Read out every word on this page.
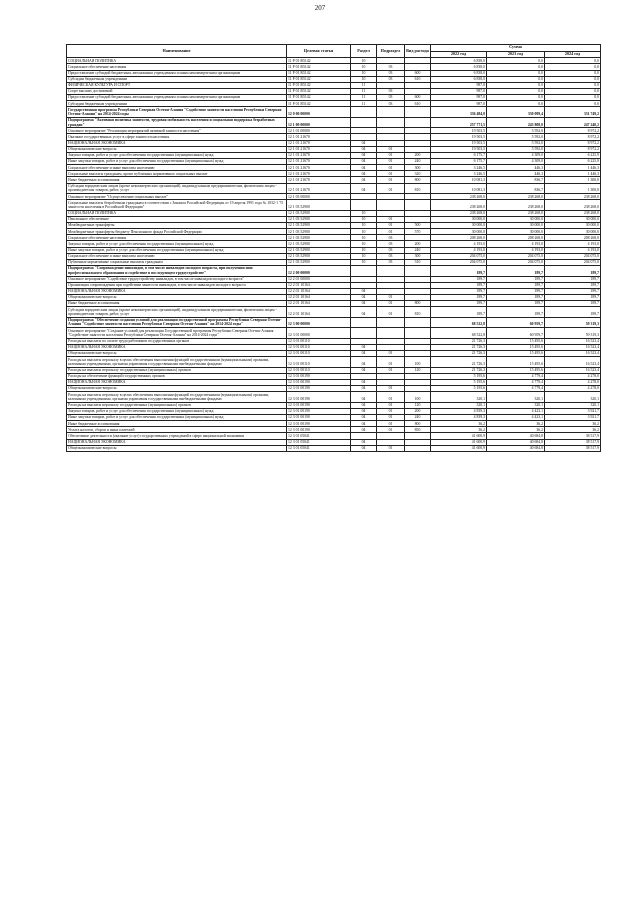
207
Наименование	Целевая статья	Раздел	Подраздел	Вид расхода	Сумма		
					2022 год	2023 год	2024 год
СОЦИАЛЬНАЯ ПОЛИТИКА	11 Р 01 R5142	10			6 838,0	0,0	0,0
Социальное обеспечение населения	11 Р 01 R5142	10	03		6 838,0	0,0	0,0
Предоставление субсидий бюджетным, автономным учреждениям и иным некоммерческим организациям	11 Р 01 R5142	10	03	600	6 838,0	0,0	0,0
Субсидии бюджетным учреждениям	11 Р 01 R5142	10	03	610	6 838,0	0,0	0,0
ФИЗИЧЕСКАЯ КУЛЬТУРА И СПОРТ	11 Р 01 R5142	11			987,0	0,0	0,0
Спорт высших достижений	11 Р 01 R5142	11	03		987,0	0,0	0,0
Предоставление субсидий бюджетным, автономным учреждениям и иным некоммерческим организациям	11 Р 01 R5142	11	03	600	987,0	0,0	0,0
Субсидии бюджетным учреждениям	11 Р 01 R5142	11	03	610	987,0	0,0	0,0
Государственная программа Республики Северная Осетия-Алания "Содействие занятости населения Республики Северная Осетия-Алания" на 2014-2024 годы	12 0 00 00000				336 484,0	330 099,4	331 749,2
Подпрограмма "Активная политика занятости, трудовая мобильность населения и социальная поддержка безработных граждан"	12 1 00 00000				257 771,5	243 808,0	247 240,2
Основное мероприятие "Реализация мероприятий активной занятости населения"	12 1 01 00000				19 503,5	5 592,0	8 972,2
Оказание государственных услуг в сфере занятости населения	12 1 01 21670				19 503,5	5 592,0	8 972,2
НАЦИОНАЛЬНАЯ ЭКОНОМИКА	12 1 01 21670	04			19 503,5	5 592,0	8 972,2
Общеэкономические вопросы	12 1 01 21670	04	01		19 503,5	5 592,0	8 972,2
Закупка товаров, работ и услуг для обеспечения государственных (муниципальных) нужд	12 1 01 21670	04	01	200	6 175,7	4 309,0	6 225,9
Иные закупки товаров, работ и услуг для обеспечения государственных (муниципальных) нужд	12 1 01 21670	04	01	240	6 175,7	4 309,0	6 225,9
Социальное обеспечение и иные выплаты населению	12 1 01 21670	04	01	300	3 246,5	446,3	1 446,3
Социальные выплаты гражданам, кроме публичных нормативных социальных выплат	12 1 01 21670	04	01	320	3 246,5	446,3	1 446,3
Иные бюджетные ассигнования	12 1 01 21670	04	01	800	10 081,3	836,7	1 300,0
Субсидии юридическим лицам (кроме некоммерческих организаций), индивидуальным предпринимателям, физическим лицам - производителям товаров, работ, услуг	12 1 01 21670	04	01	810	10 081,3	836,7	1 300,0
Основное мероприятие "Осуществление социальных выплат"	12 1 03 00000				238 268,0	238 268,0	238 268,0
Социальные выплаты безработным гражданам в соответствии с Законом Российской Федерации от 19 апреля 1991 года № 1032-1 "О занятости населения в Российской Федерации"	12 1 03 52900				238 268,0	238 268,0	238 268,0
СОЦИАЛЬНАЯ ПОЛИТИКА	12 1 03 52900	10			238 268,0	238 268,0	238 268,0
Пенсионное обеспечение	12 1 03 52900	10	01		30 000,0	30 000,0	30 000,0
Межбюджетные трансферты	12 1 03 52900	10	01	500	30 000,0	30 000,0	30 000,0
Межбюджетные трансферты бюджету Пенсионного фонда Российской Федерации	12 1 03 52900	10	01	570	30 000,0	30 000,0	30 000,0
Социальное обеспечение населения	12 1 03 52900	10	03		208 268,0	208 268,0	208 268,0
Закупка товаров, работ и услуг для обеспечения государственных (муниципальных) нужд	12 1 03 52900	10	03	200	4 193,0	4 193,0	4 193,0
Иные закупки товаров, работ и услуг для обеспечения государственных (муниципальных) нужд	12 1 03 52900	10	03	240	4 193,0	4 193,0	4 193,0
Социальное обеспечение и иные выплаты населению	12 1 03 52900	10	03	300	204 075,0	204 075,0	204 075,0
Публичные нормативные социальные выплаты гражданам	12 1 03 52900	10	03	310	204 075,0	204 075,0	204 075,0
Подпрограмма "Сопровождение инвалидов, в том числе инвалидов молодого возраста, при получении ими профессионального образования и содействие в последующем трудоустройстве"	12 2 00 00000				189,7	189,7	189,7
Основное мероприятие "Содействие трудоустройству инвалидов, в том числе инвалидов молодого возраста"	12 2 01 00000				189,7	189,7	189,7
Организация сопровождения при содействии занятости инвалидов, в том числе инвалидов молодого возраста	12 2 01 10164				189,7	189,7	189,7
НАЦИОНАЛЬНАЯ ЭКОНОМИКА	12 2 01 10164	04			189,7	189,7	189,7
Общеэкономические вопросы	12 2 01 10164	04	01		189,7	189,7	189,7
Иные бюджетные ассигнования	12 2 01 10164	04	01	800	189,7	189,7	189,7
Субсидии юридическим лицам (кроме некоммерческих организаций), индивидуальным предпринимателям, физическим лицам - производителям товаров, работ, услуг	12 2 01 10164	04	01	810	189,7	189,7	189,7
Подпрограмма "Обеспечение создания условий для реализации государственной программы Республики Северная Осетия-Алания "Содействие занятости населения Республики Северная Осетия-Алания" на 2014-2024 годы"	12 3 00 00000				68 522,8	60 959,7	59 319,3
Основное мероприятие "Создание условий для реализации Государственной программы Республики Северная Осетия-Алания "Содействие занятости населения Республики Северная Осетия-Алания" на 2014-2024 годы"	12 3 01 00000				68 522,8	60 959,7	59 319,3
Расходы на выплаты по оплате труда работников государственных органов	12 3 01 00110				21 726,3	15 495,6	16 523,4
НАЦИОНАЛЬНАЯ ЭКОНОМИКА	12 3 01 00110	04			21 726,3	15 495,6	16 523,4
Общеэкономические вопросы	12 3 01 00110	04	01		21 726,3	15 495,6	16 523,4
Расходы на выплаты персоналу в целях обеспечения выполнения функций государственными (муниципальными) органами, казенными учреждениями, органами управления государственными внебюджетными фондами	12 3 01 00110	04	01	100	21 726,3	15 495,6	16 523,4
Расходы на выплаты персоналу государственных (муниципальных) органов	12 3 01 00110	04	01	120	21 726,3	15 495,6	16 523,4
Расходы на обеспечение функций государственных органов	12 3 01 00190				5 195,6	4 779,4	4 278,0
НАЦИОНАЛЬНАЯ ЭКОНОМИКА	12 3 01 00190	04			5 195,6	4 779,4	4 278,0
Общеэкономические вопросы	12 3 01 00190	04	01		5 195,6	4 779,4	4 278,0
Расходы на выплаты персоналу в целях обеспечения выполнения функций государственными (муниципальными) органами, казенными учреждениями, органами управления государственными внебюджетными фондами	12 3 01 00190	04	01	100	320,1	320,1	320,1
Расходы на выплаты персоналу государственных (муниципальных) органов	12 3 01 00190	04	01	120	320,1	320,1	320,1
Закупка товаров, работ и услуг для обеспечения государственных (муниципальных) нужд	12 3 01 00190	04	01	200	4 839,3	4 423,1	3 921,7
Иные закупки товаров, работ и услуг для обеспечения государственных (муниципальных) нужд	12 3 01 00190	04	01	240	4 839,3	4 423,1	3 921,7
Иные бюджетные ассигнования	12 3 01 00190	04	01	800	36,2	36,2	36,2
Уплата налогов, сборов и иных платежей	12 3 01 00190	04	01	850	36,2	36,2	36,2
Обеспечение деятельности (оказание услуг) государственных учреждений в сфере национальной экономики	12 3 01 05041				41 600,9	40 684,8	38 517,9
НАЦИОНАЛЬНАЯ ЭКОНОМИКА	12 3 01 05041	04			41 600,9	40 684,8	38 517,9
Общеэкономические вопросы	12 3 01 05041	04	01		41 600,9	40 684,8	38 517,9
